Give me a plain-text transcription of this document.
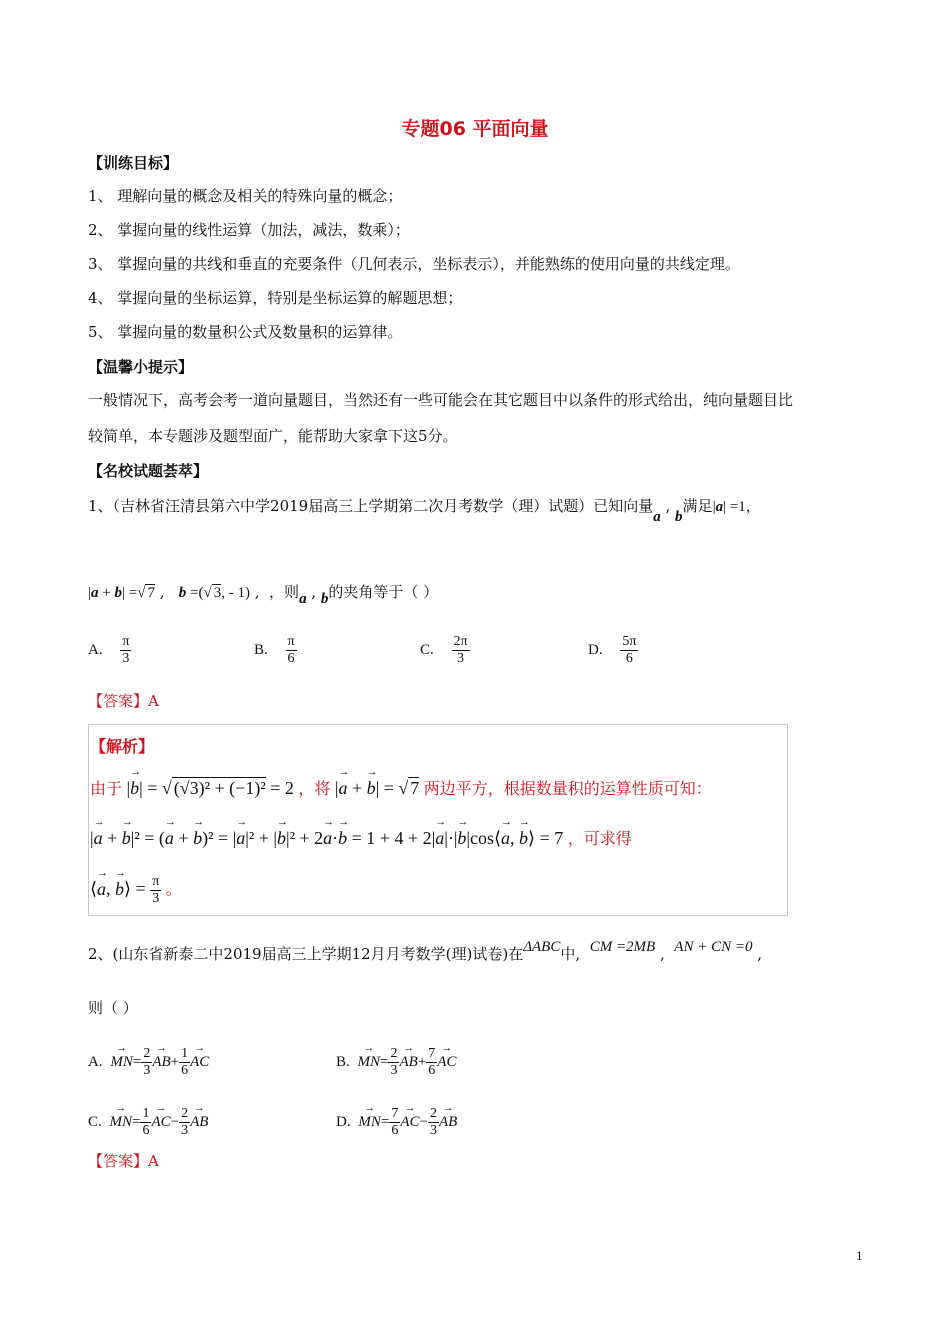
专题06 平面向量
【训练目标】
1、 理解向量的概念及相关的特殊向量的概念；
2、 掌握向量的线性运算（加法，减法，数乘）；
3、 掌握向量的共线和垂直的充要条件（几何表示，坐标表示），并能熟练的使用向量的共线定理。
4、 掌握向量的坐标运算，特别是坐标运算的解题思想；
5、 掌握向量的数量积公式及数量积的运算律。
【温馨小提示】
一般情况下，高考会考一道向量题目，当然还有一些可能会在其它题目中以条件的形式给出，纯向量题目比
较简单，本专题涉及题型面广，能帮助大家拿下这5分。
【名校试题荟萃】
1、（吉林省汪清县第六中学2019届高三上学期第二次月考数学（理）试题）已知向量a , b满足|a| =1，
|a + b| =√ 7 ,   b =(√ 3, - 1) ,  ，则a , b的夹角等于（ ）
A. $\frac{\pi}{3}$	B. $\frac{\pi}{6}$	C. $\frac{2\pi}{3}$	D. $\frac{5\pi}{6}$
【答案】A
【解析】
由于 |→ b| = √ (√3)² + (−1)² = 2 ，将 |→ a + → b| = √ 7 两边平方，根据数量积的运算性质可知：
|→ a + → b|² = (→ a + → b)² = |→ a|² + |→ b|² + 2→ a·→ b = 1 + 4 + 2|→ a|·|→ b|cos⟨→ a, → b⟩ = 7 ，可求得
⟨→ a, → b⟩ = $\frac{\pi}{3}$ 。
2、(山东省新泰二中2019届高三上学期12月月考数学(理)试卷)在ΔABC中, CM =2MB ,  AN + CN =0 ,
则（ ）
A. → $MN= \frac{2}{3}$
→ $AB+ \frac{1}{6}$
→ AC	B. → $MN= \frac{2}{3}$
→ $AB+ \frac{7}{6}$
→ AC
C. → $MN= \frac{1}{6}$
→ $AC- \frac{2}{3}$
→ AB	D. → $MN= \frac{7}{6}$
→ $AC- \frac{2}{3}$
→ AB
【答案】A
1
